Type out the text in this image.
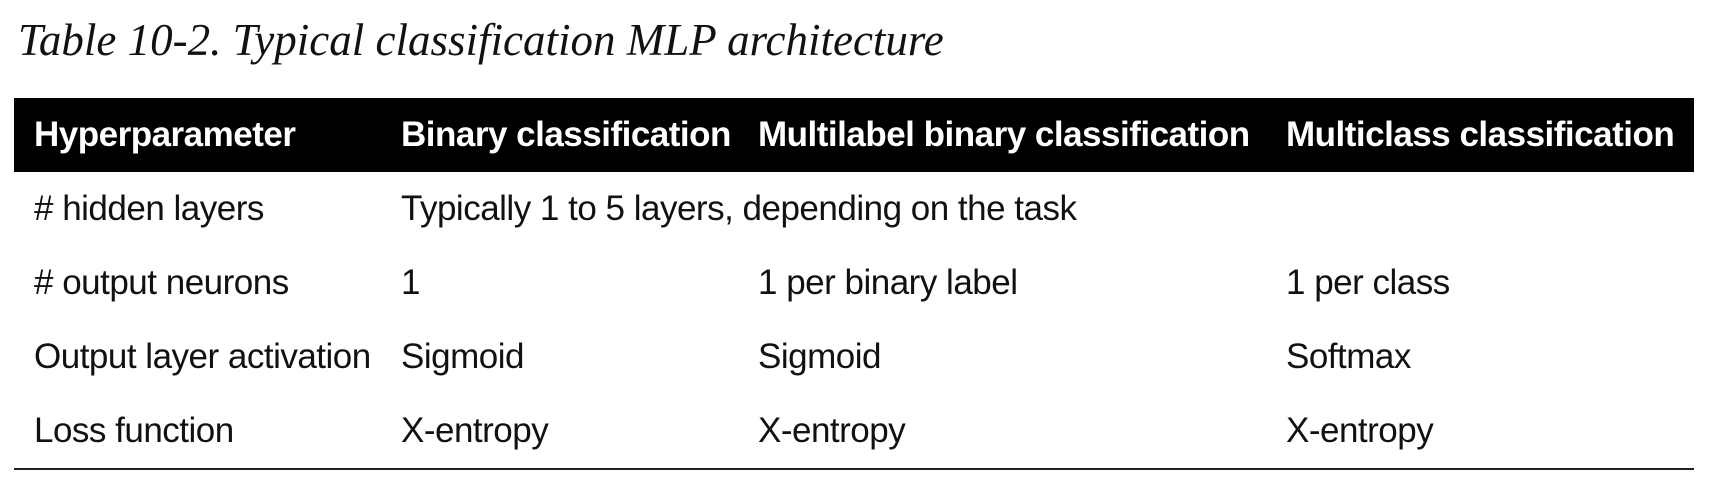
Table 10-2. Typical classification MLP architecture
Hyperparameter	Binary classification	Multilabel binary classification	Multiclass classification
# hidden layers	Typically 1 to 5 layers, depending on the task		
# output neurons	1	1 per binary label	1 per class
Output layer activation	Sigmoid	Sigmoid	Softmax
Loss function	X-entropy	X-entropy	X-entropy
